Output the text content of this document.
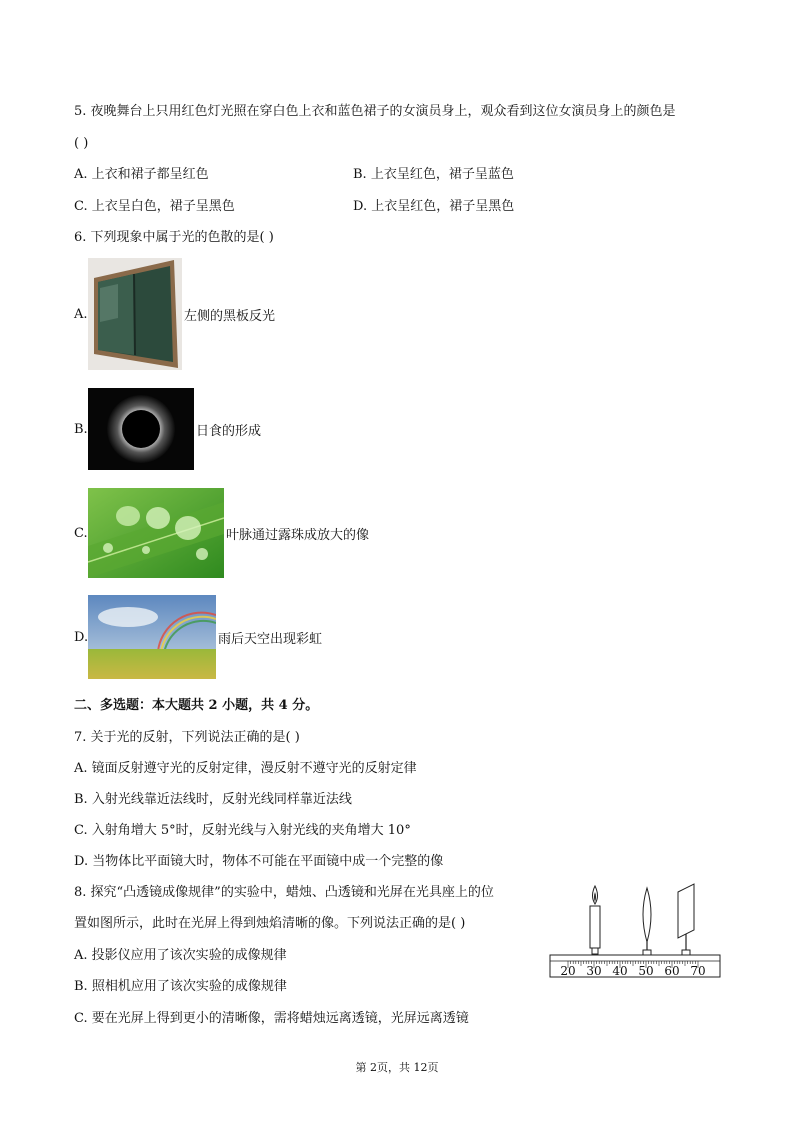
5. 夜晚舞台上只用红色灯光照在穿白色上衣和蓝色裙子的女演员身上，观众看到这位女演员身上的颜色是
( )
A. 上衣和裙子都呈红色	B. 上衣呈红色，裙子呈蓝色
C. 上衣呈白色，裙子呈黑色	D. 上衣呈红色，裙子呈黑色
6. 下列现象中属于光的色散的是( )
A.	左侧的黑板反光
B.	日食的形成
C.	叶脉通过露珠成放大的像
D.	雨后天空出现彩虹
二、多选题：本大题共 2 小题，共 4 分。
7. 关于光的反射，下列说法正确的是( )
A. 镜面反射遵守光的反射定律，漫反射不遵守光的反射定律
B. 入射光线靠近法线时，反射光线同样靠近法线
C. 入射角增大 5°时，反射光线与入射光线的夹角增大 10°
D. 当物体比平面镜大时，物体不可能在平面镜中成一个完整的像
8. 探究“凸透镜成像规律”的实验中，蜡烛、凸透镜和光屏在光具座上的位
置如图所示，此时在光屏上得到烛焰清晰的像。下列说法正确的是( )
A. 投影仪应用了该次实验的成像规律
B. 照相机应用了该次实验的成像规律
C. 要在光屏上得到更小的清晰像，需将蜡烛远离透镜，光屏远离透镜
20 30 40 50 60 70
第 2页，共 12页
